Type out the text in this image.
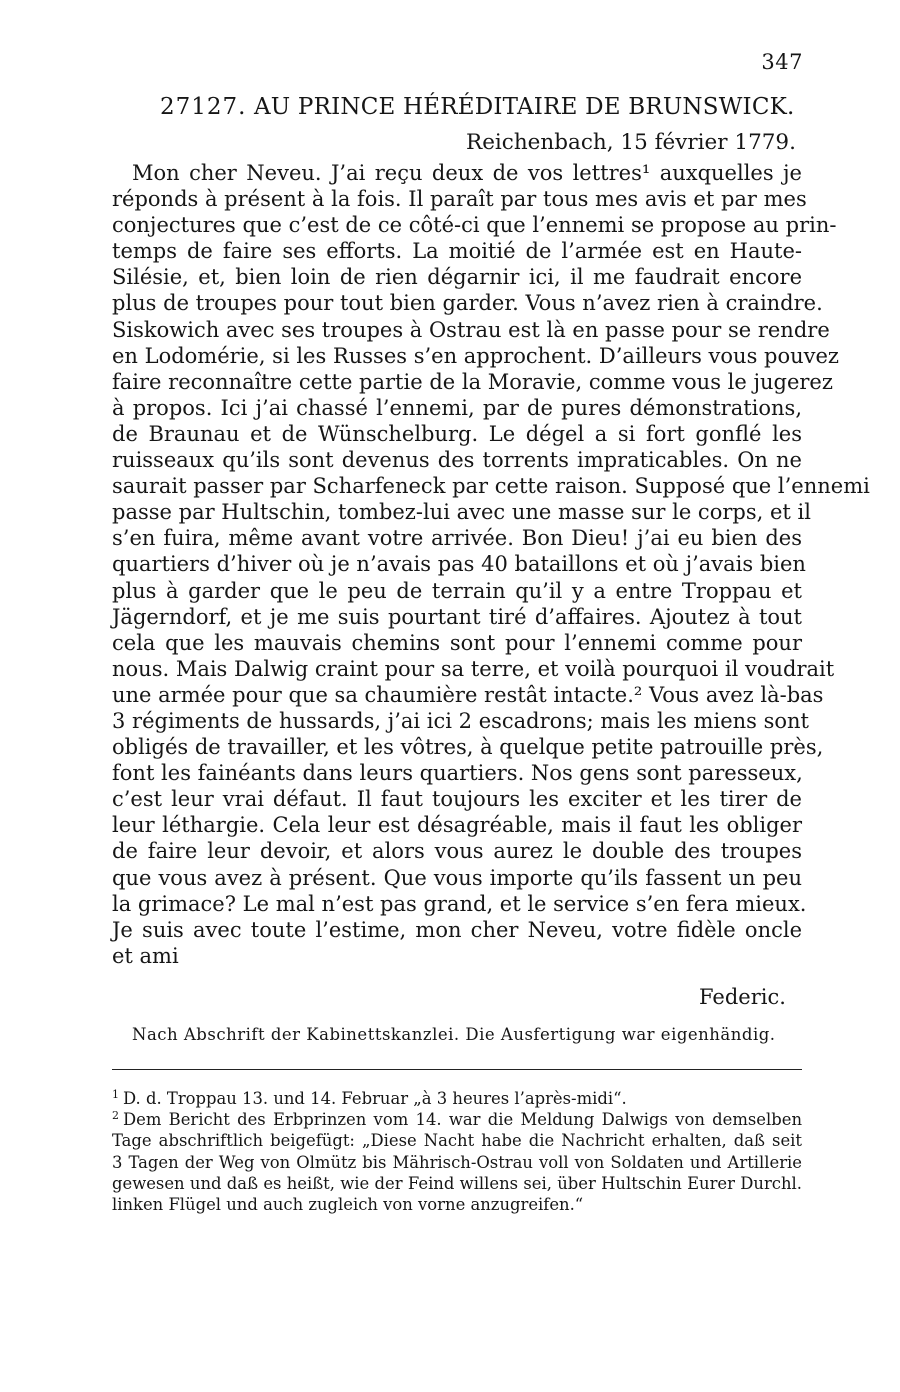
347
27127. AU PRINCE HÉRÉDITAIRE DE BRUNSWICK.
Reichenbach, 15 février 1779.
Mon cher Neveu. J’ai reçu deux de vos lettres¹ auxquelles je
réponds à présent à la fois. Il paraît par tous mes avis et par mes
conjectures que c’est de ce côté-ci que l’ennemi se propose au prin-
temps de faire ses efforts. La moitié de l’armée est en Haute-
Silésie, et, bien loin de rien dégarnir ici, il me faudrait encore
plus de troupes pour tout bien garder. Vous n’avez rien à craindre.
Siskowich avec ses troupes à Ostrau est là en passe pour se rendre
en Lodomérie, si les Russes s’en approchent. D’ailleurs vous pouvez
faire reconnaître cette partie de la Moravie, comme vous le jugerez
à propos. Ici j’ai chassé l’ennemi, par de pures démonstrations,
de Braunau et de Wünschelburg. Le dégel a si fort gonflé les
ruisseaux qu’ils sont devenus des torrents impraticables. On ne
saurait passer par Scharfeneck par cette raison. Supposé que l’ennemi
passe par Hultschin, tombez-lui avec une masse sur le corps, et il
s’en fuira, même avant votre arrivée. Bon Dieu! j’ai eu bien des
quartiers d’hiver où je n’avais pas 40 bataillons et où j’avais bien
plus à garder que le peu de terrain qu’il y a entre Troppau et
Jägerndorf, et je me suis pourtant tiré d’affaires. Ajoutez à tout
cela que les mauvais chemins sont pour l’ennemi comme pour
nous. Mais Dalwig craint pour sa terre, et voilà pourquoi il voudrait
une armée pour que sa chaumière restât intacte.² Vous avez là-bas
3 régiments de hussards, j’ai ici 2 escadrons; mais les miens sont
obligés de travailler, et les vôtres, à quelque petite patrouille près,
font les fainéants dans leurs quartiers. Nos gens sont paresseux,
c’est leur vrai défaut. Il faut toujours les exciter et les tirer de
leur léthargie. Cela leur est désagréable, mais il faut les obliger
de faire leur devoir, et alors vous aurez le double des troupes
que vous avez à présent. Que vous importe qu’ils fassent un peu
la grimace? Le mal n’est pas grand, et le service s’en fera mieux.
Je suis avec toute l’estime, mon cher Neveu, votre fidèle oncle
et ami
Federic.
Nach Abschrift der Kabinettskanzlei. Die Ausfertigung war eigenhändig.
$^1$ D. d. Troppau 13. und 14. Februar „à 3 heures l’après-midi“.
$^2$ Dem Bericht des Erbprinzen vom 14. war die Meldung Dalwigs von demselben
Tage abschriftlich beigefügt: „Diese Nacht habe die Nachricht erhalten, daß seit
3 Tagen der Weg von Olmütz bis Mährisch-Ostrau voll von Soldaten und Artillerie
gewesen und daß es heißt, wie der Feind willens sei, über Hultschin Eurer Durchl.
linken Flügel und auch zugleich von vorne anzugreifen.“
